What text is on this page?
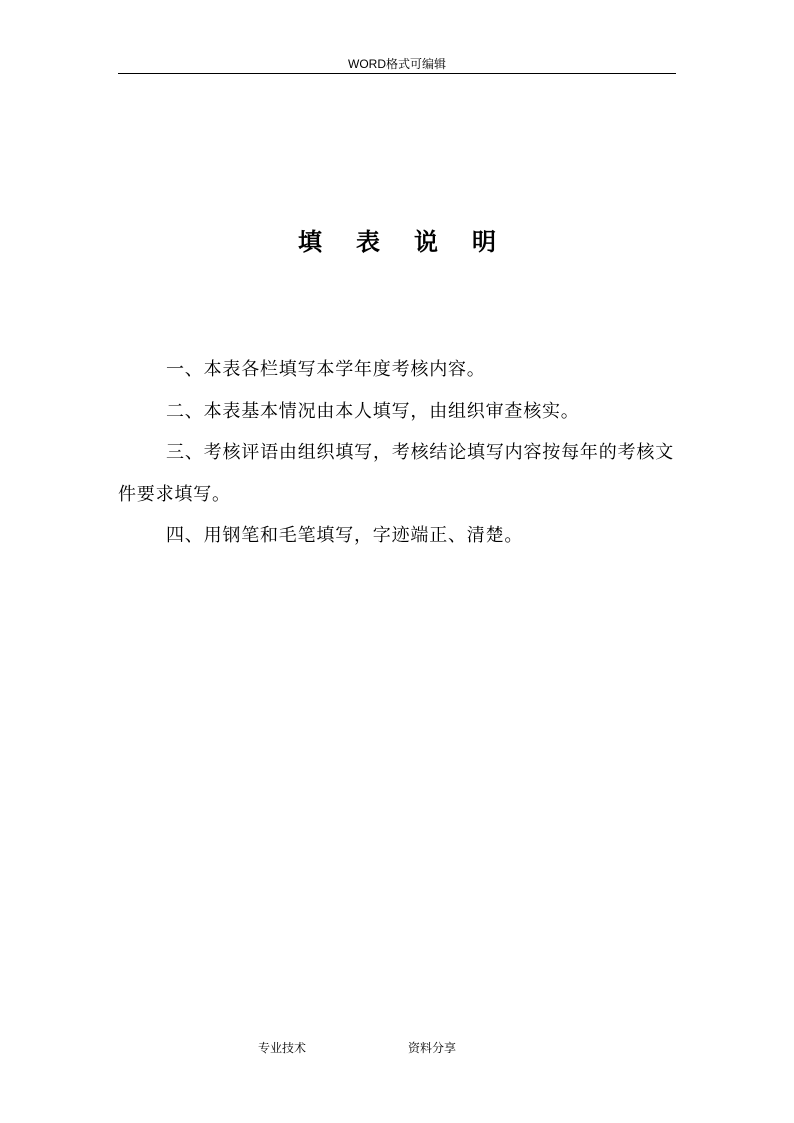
WORD格式可编辑
填表说明

一、本表各栏填写本学年度考核内容。

二、本表基本情况由本人填写，由组织审查核实。

三、考核评语由组织填写，考核结论填写内容按每年的考核文件要求填写。

四、用钢笔和毛笔填写，字迹端正、清楚。

专业技术	资料分享
